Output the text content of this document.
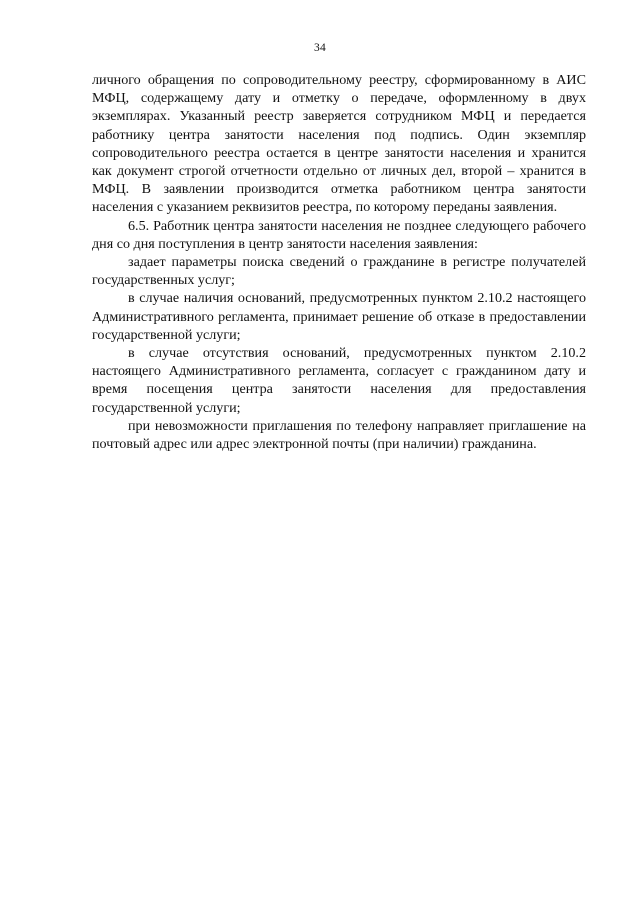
34

личного обращения по сопроводительному реестру, сформированному в АИС МФЦ, содержащему дату и отметку о передаче, оформленному в двух экземплярах. Указанный реестр заверяется сотрудником МФЦ и передается работнику центра занятости населения под подпись. Один экземпляр сопроводительного реестра остается в центре занятости населения и хранится как документ строгой отчетности отдельно от личных дел, второй – хранится в МФЦ. В заявлении производится отметка работником центра занятости населения с указанием реквизитов реестра, по которому переданы заявления.

6.5. Работник центра занятости населения не позднее следующего рабочего дня со дня поступления в центр занятости населения заявления:

задает параметры поиска сведений о гражданине в регистре получателей государственных услуг;

в случае наличия оснований, предусмотренных пунктом 2.10.2 настоящего Административного регламента, принимает решение об отказе в предоставлении государственной услуги;

в случае отсутствия оснований, предусмотренных пунктом 2.10.2 настоящего Административного регламента, согласует с гражданином дату и время посещения центра занятости населения для предоставления государственной услуги;

при невозможности приглашения по телефону направляет приглашение на почтовый адрес или адрес электронной почты (при наличии) гражданина.
